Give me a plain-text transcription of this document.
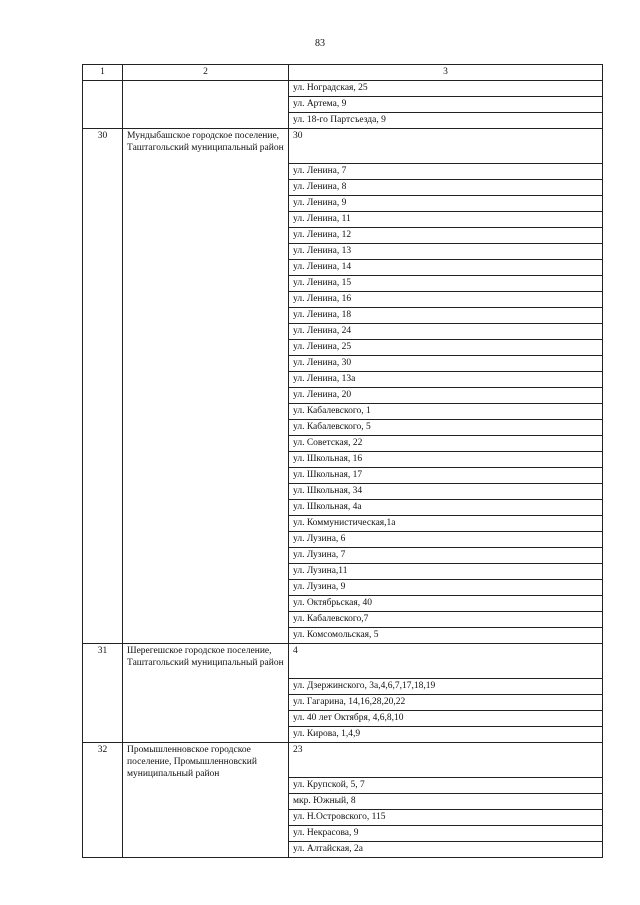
83
1	2	3
		ул. Ноградская, 25
		ул. Артема, 9
		ул. 18-го Партсъезда, 9
30	Мундыбашское городское поселение, Таштагольский муниципальный район	30
		ул. Ленина, 7
		ул. Ленина, 8
		ул. Ленина, 9
		ул. Ленина, 11
		ул. Ленина, 12
		ул. Ленина, 13
		ул. Ленина, 14
		ул. Ленина, 15
		ул. Ленина, 16
		ул. Ленина, 18
		ул. Ленина, 24
		ул. Ленина, 25
		ул. Ленина, 30
		ул. Ленина, 13а
		ул. Ленина, 20
		ул. Кабалевского, 1
		ул. Кабалевского, 5
		ул. Советская, 22
		ул. Школьная, 16
		ул. Школьная, 17
		ул. Школьная, 34
		ул. Школьная, 4а
		ул. Коммунистическая,1а
		ул. Лузина, 6
		ул. Лузина, 7
		ул. Лузина,11
		ул. Лузина, 9
		ул. Октябрьская, 40
		ул. Кабалевского,7
		ул. Комсомольская, 5
31	Шерегешское городское поселение, Таштагольский муниципальный район	4
		ул. Дзержинского, 3а,4,6,7,17,18,19
		ул. Гагарина, 14,16,28,20,22
		ул. 40 лет Октября, 4,6,8,10
		ул. Кирова, 1,4,9
32	Промышленновское городское поселение, Промышленновский муниципальный район	23
		ул. Крупской, 5, 7
		мкр. Южный, 8
		ул. Н.Островского, 115
		ул. Некрасова, 9
		ул. Алтайская, 2а
